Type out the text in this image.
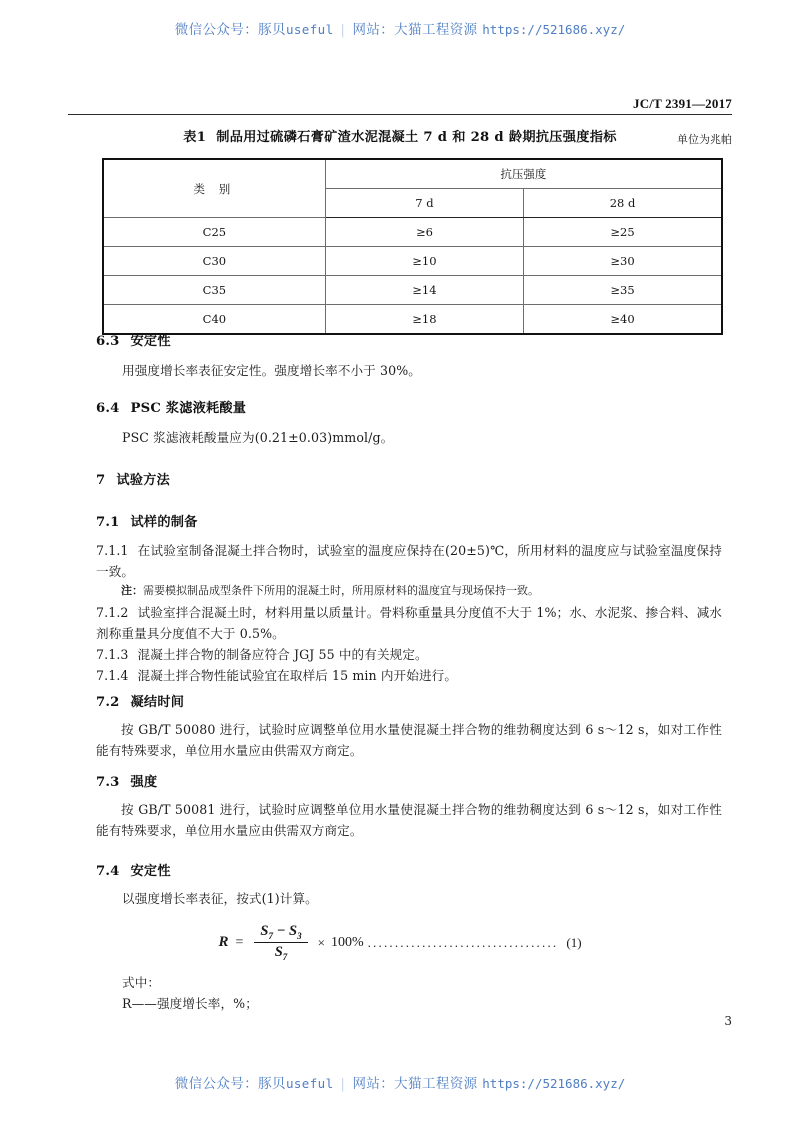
微信公众号：豚贝useful | 网站：大猫工程资源 https://521686.xyz/
JC/T 2391—2017
表1 制品用过硫磷石膏矿渣水泥混凝土 7 d 和 28 d 龄期抗压强度指标	单位为兆帕
类 别	抗压强度	
	7 d	28 d
C25	≥6	≥25
C30	≥10	≥30
C35	≥14	≥35
C40	≥18	≥40
6.3 安定性
用强度增长率表征安定性。强度增长率不小于 30%。
6.4 PSC 浆滤液耗酸量
PSC 浆滤液耗酸量应为(0.21±0.03)mmol/g。
7 试验方法
7.1 试样的制备
7.1.1 在试验室制备混凝土拌合物时，试验室的温度应保持在(20±5)℃，所用材料的温度应与试验室温度保持一致。
注：需要模拟制品成型条件下所用的混凝土时，所用原材料的温度宜与现场保持一致。
7.1.2 试验室拌合混凝土时，材料用量以质量计。骨料称重量具分度值不大于 1%；水、水泥浆、掺合料、减水剂称重量具分度值不大于 0.5%。
7.1.3 混凝土拌合物的制备应符合 JGJ 55 中的有关规定。
7.1.4 混凝土拌合物性能试验宜在取样后 15 min 内开始进行。
7.2 凝结时间
按 GB/T 50080 进行，试验时应调整单位用水量使混凝土拌合物的维勃稠度达到 6 s～12 s，如对工作性能有特殊要求，单位用水量应由供需双方商定。
7.3 强度
按 GB/T 50081 进行，试验时应调整单位用水量使混凝土拌合物的维勃稠度达到 6 s～12 s，如对工作性能有特殊要求，单位用水量应由供需双方商定。
7.4 安定性
以强度增长率表征，按式(1)计算。
$R = \frac{S_7 - S_3}{S_7} \times 100\%$ ................................... (1)
式中：
R——强度增长率，%；
3
微信公众号：豚贝useful | 网站：大猫工程资源 https://521686.xyz/
